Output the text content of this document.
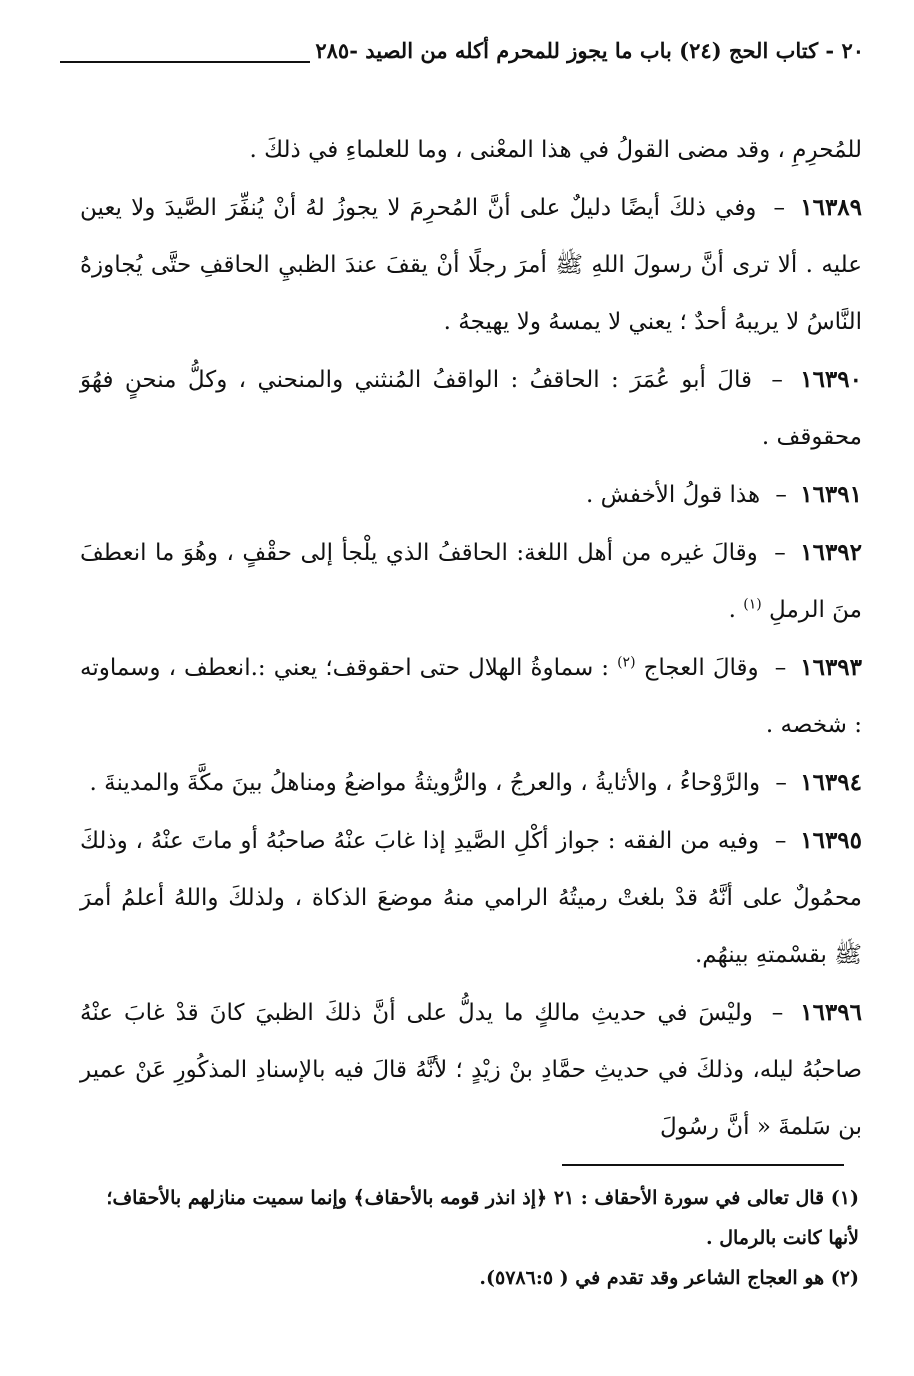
٢٠ - كتاب الحج (٢٤) باب ما يجوز للمحرم أكله من الصيد -٢٨٥

للمُحرِمِ ، وقد مضى القولُ في هذا المعْنى ، وما للعلماءِ في ذلكَ .

١٦٣٨٩ – وفي ذلكَ أيضًا دليلٌ على أنَّ المُحرِمَ لا يجوزُ لهُ أنْ يُنفِّرَ الصَّيدَ ولا يعين عليه . ألا ترى أنَّ رسولَ اللهِ ﷺ أمرَ رجلًا أنْ يقفَ عندَ الظبيِ الحاقفِ حتَّى يُجاوزهُ النَّاسُ لا يريبهُ أحدٌ ؛ يعني لا يمسهُ ولا يهيجهُ .

١٦٣٩٠ – قالَ أبو عُمَرَ : الحاقفُ : الواقفُ المُنثني والمنحني ، وكلُّ منحنٍ فهُوَ محقوقف .

١٦٣٩١ – هذا قولُ الأخفش .

١٦٣٩٢ – وقالَ غيره من أهل اللغة: الحاقفُ الذي يلْجأ إلى حقْفٍ ، وهُوَ ما انعطفَ منَ الرملِ $^{(١)}$ .

١٦٣٩٣ – وقالَ العجاج $^{(٢)}$ : سماوةُ الهلال حتى احقوقف؛ يعني :.انعطف ، وسماوته : شخصه .

١٦٣٩٤ – والرَّوْحاءُ ، والأثايةُ ، والعرجُ ، والرُّويثةُ مواضعُ ومناهلُ بينَ مكَّةَ والمدينةَ .

١٦٣٩٥ – وفيه من الفقه : جواز أكْلِ الصَّيدِ إذا غابَ عنْهُ صاحبُهُ أو ماتَ عنْهُ ، وذلكَ محمُولٌ على أنَّهُ قدْ بلغتْ رميتُهُ الرامي منهُ موضعَ الذكاة ، ولذلكَ واللهُ أعلمُ أمرَ ﷺ بقسْمتهِ بينهُم.

١٦٣٩٦ – وليْسَ في حديثِ مالكٍ ما يدلُّ على أنَّ ذلكَ الظبيَ كانَ قدْ غابَ عنْهُ صاحبُهُ ليله، وذلكَ في حديثِ حمَّادِ بنْ زيْدٍ ؛ لأنَّهُ قالَ فيه بالإسنادِ المذكُورِ عَنْ عمير بن سَلمةَ « أنَّ رسُولَ

(١) قال تعالى في سورة الأحقاف : ٢١ ﴿إذ انذر قومه بالأحقاف﴾ وإنما سميت منازلهم بالأحقاف؛ لأنها كانت بالرمال .

(٢) هو العجاج الشاعر وقد تقدم في ( ٥٧٨٦:٥).
